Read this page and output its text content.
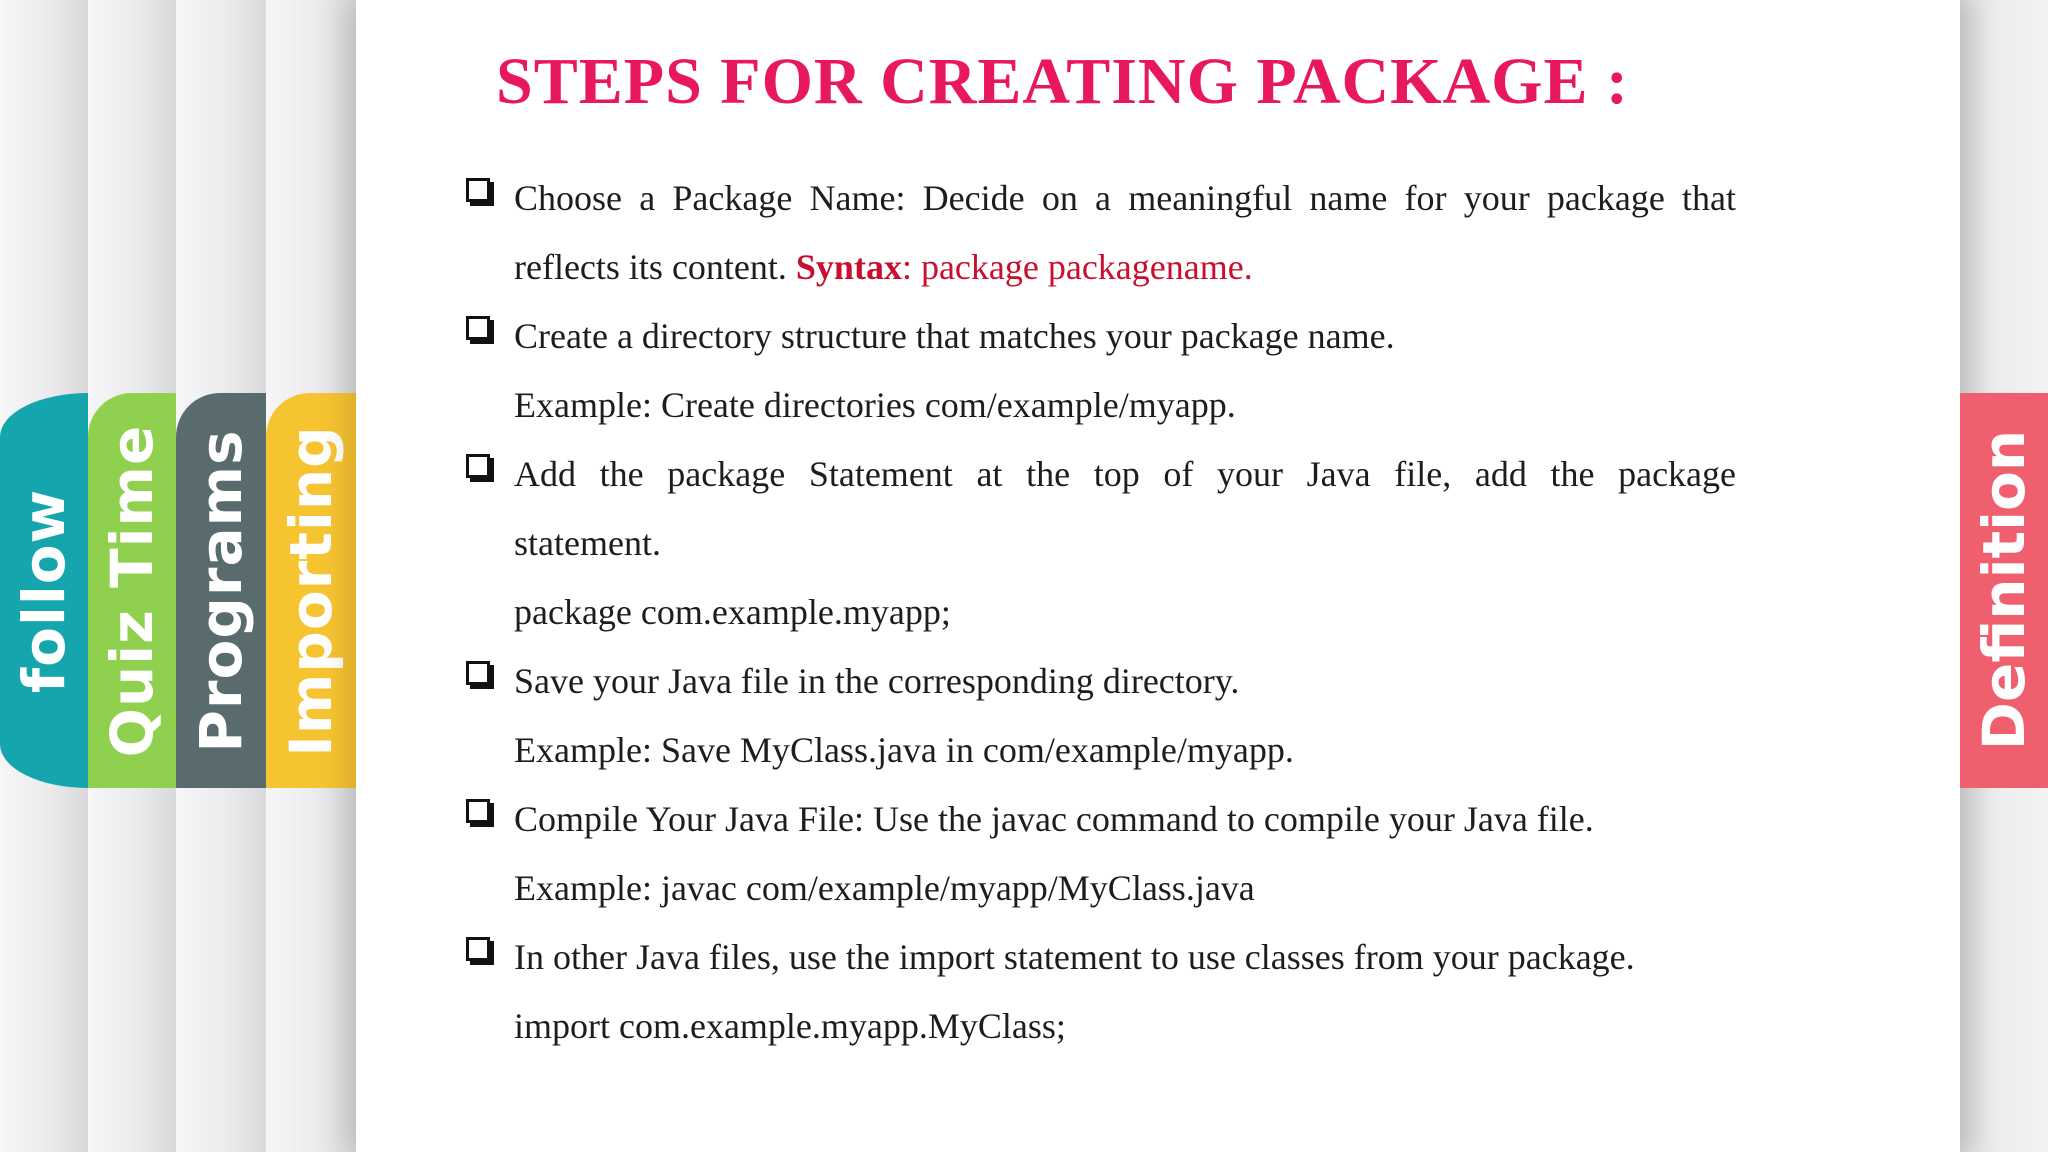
follow Quiz Time Programs Importing
STEPS FOR CREATING PACKAGE :
Choose a Package Name: Decide on a meaningful name for your package that
reflects its content. Syntax: package packagename.
Create a directory structure that matches your package name.
Example: Create directories com/example/myapp.
Add the package Statement at the top of your Java file, add the package
statement.
package com.example.myapp;
Save your Java file in the corresponding directory.
Example: Save MyClass.java in com/example/myapp.
Compile Your Java File: Use the javac command to compile your Java file.
Example: javac com/example/myapp/MyClass.java
In other Java files, use the import statement to use classes from your package.
import com.example.myapp.MyClass;
Definition
creating
